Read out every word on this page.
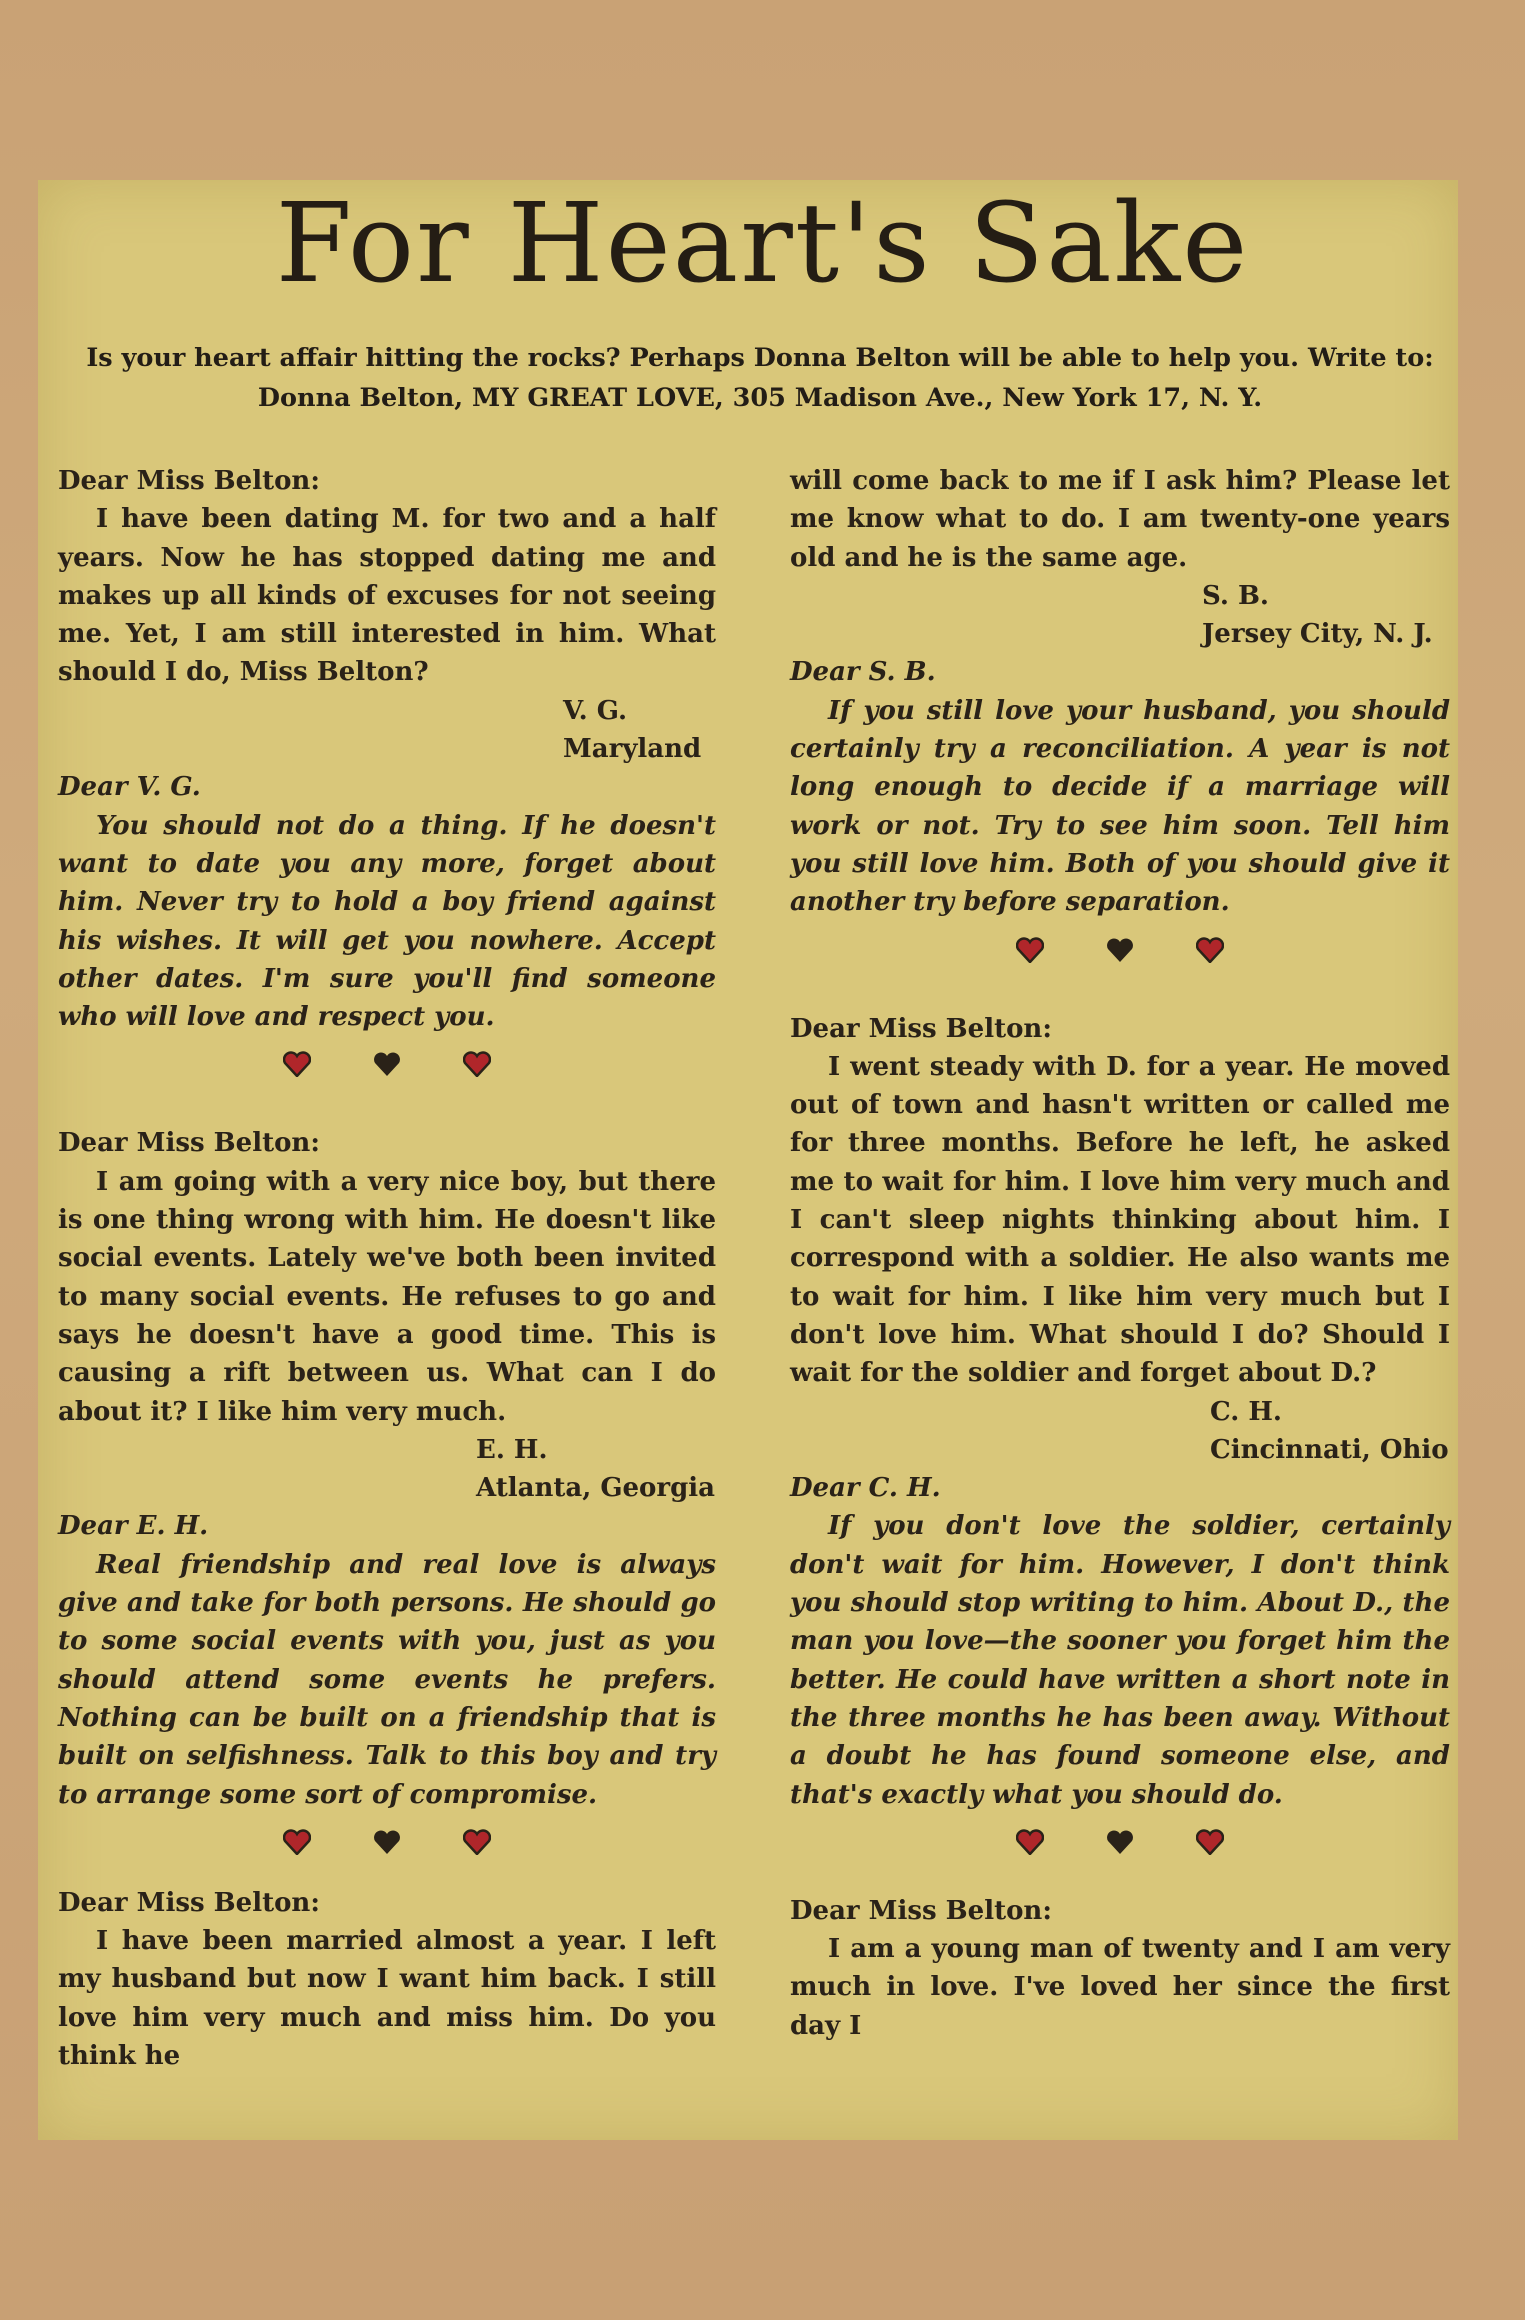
For Heart's Sake
Is your heart affair hitting the rocks? Perhaps Donna Belton will be able to help you. Write to:
Donna Belton, MY GREAT LOVE, 305 Madison Ave., New York 17, N. Y.

Dear Miss Belton:

I have been dating M. for two and a half years. Now he has stopped dating me and makes up all kinds of excuses for not seeing me. Yet, I am still interested in him. What should I do, Miss Belton?

V. G.

Maryland

Dear V. G.

You should not do a thing. If he doesn't want to date you any more, forget about him. Never try to hold a boy friend against his wishes. It will get you nowhere. Accept other dates. I'm sure you'll find someone who will love and respect you.

Dear Miss Belton:

I am going with a very nice boy, but there is one thing wrong with him. He doesn't like social events. Lately we've both been invited to many social events. He refuses to go and says he doesn't have a good time. This is causing a rift between us. What can I do about it? I like him very much.

E. H.

Atlanta, Georgia

Dear E. H.

Real friendship and real love is always give and take for both persons. He should go to some social events with you, just as you should attend some events he prefers. Nothing can be built on a friendship that is built on selfishness. Talk to this boy and try to arrange some sort of compromise.

Dear Miss Belton:

I have been married almost a year. I left my husband but now I want him back. I still love him very much and miss him. Do you think he

will come back to me if I ask him? Please let me know what to do. I am twenty-one years old and he is the same age.

S. B.

Jersey City, N. J.

Dear S. B.

If you still love your husband, you should certainly try a reconciliation. A year is not long enough to decide if a marriage will work or not. Try to see him soon. Tell him you still love him. Both of you should give it another try before separation.

Dear Miss Belton:

I went steady with D. for a year. He moved out of town and hasn't written or called me for three months. Before he left, he asked me to wait for him. I love him very much and I can't sleep nights thinking about him. I correspond with a soldier. He also wants me to wait for him. I like him very much but I don't love him. What should I do? Should I wait for the soldier and forget about D.?

C. H.

Cincinnati, Ohio

Dear C. H.

If you don't love the soldier, certainly don't wait for him. However, I don't think you should stop writing to him. About D., the man you love—the sooner you forget him the better. He could have written a short note in the three months he has been away. Without a doubt he has found someone else, and that's exactly what you should do.

Dear Miss Belton:

I am a young man of twenty and I am very much in love. I've loved her since the first day I
